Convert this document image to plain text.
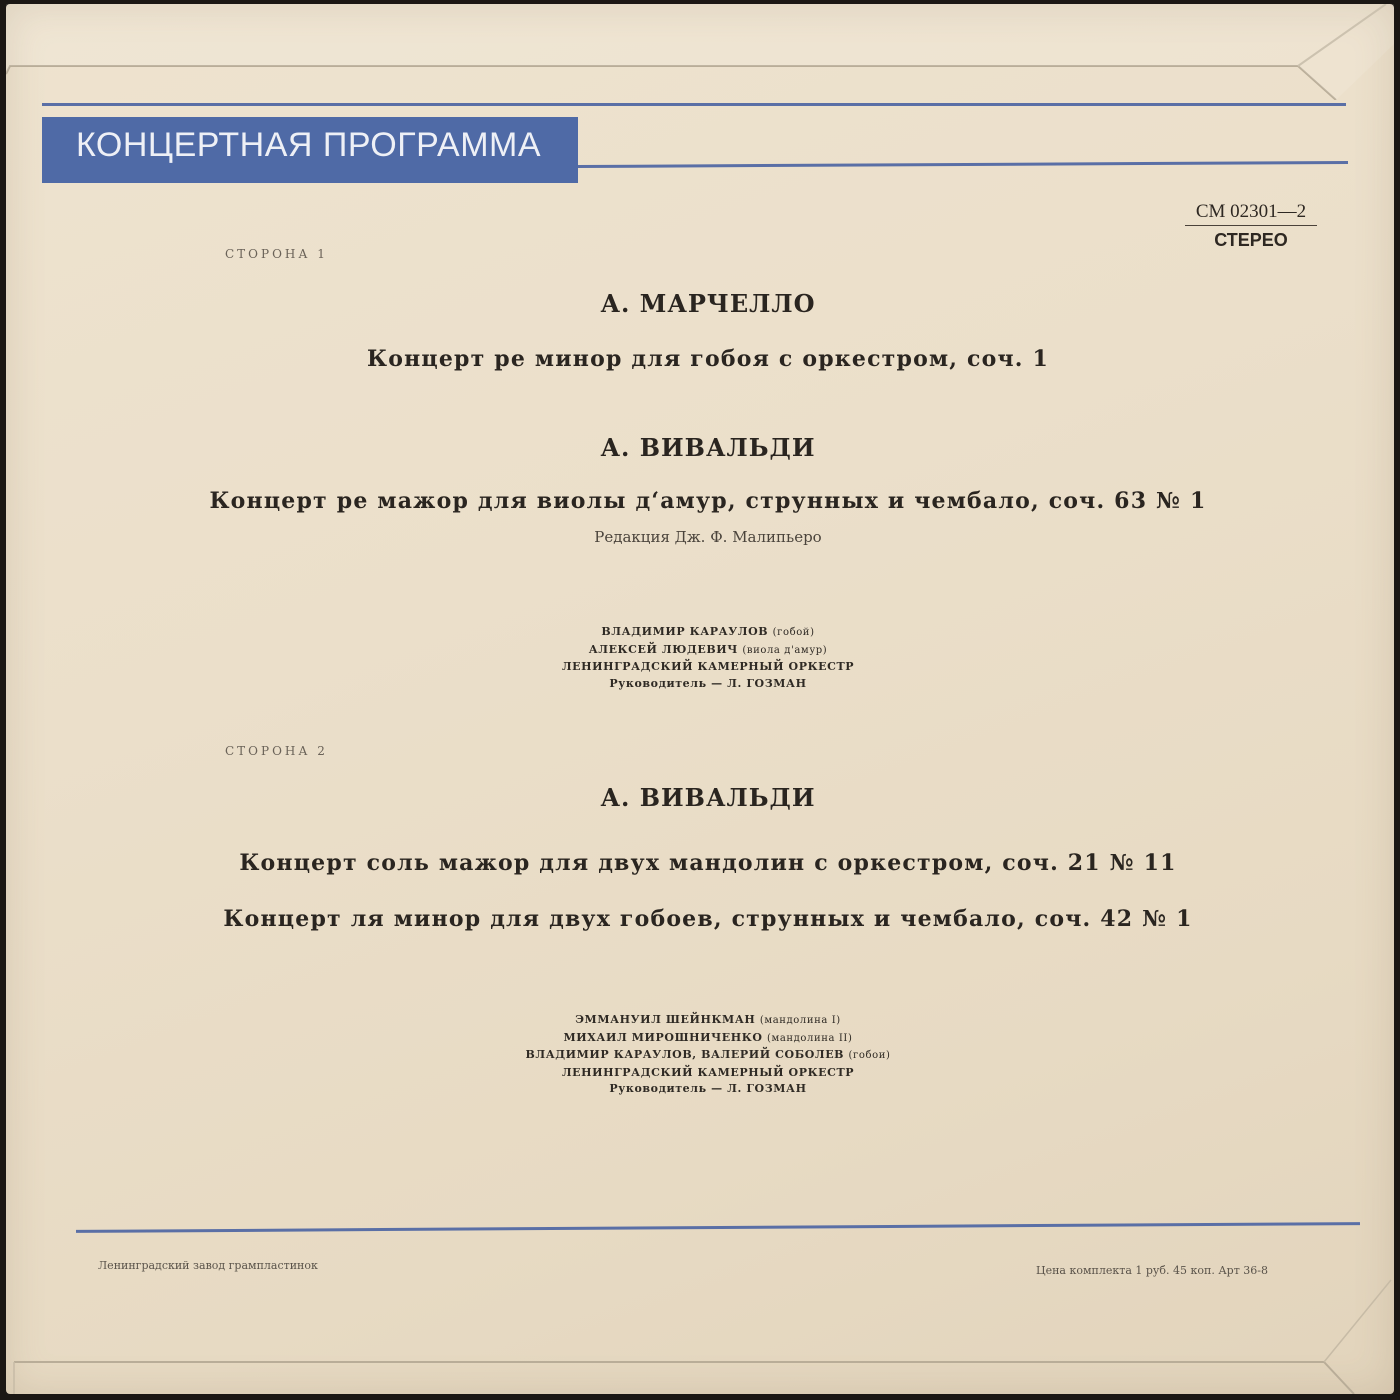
КОНЦЕРТНАЯ ПРОГРАММА
СМ 02301—2
СТЕРЕО
СТОРОНА 1
А. МАРЧЕЛЛО
Концерт ре минор для гобоя с оркестром, соч. 1
А. ВИВАЛЬДИ
Концерт ре мажор для виолы д‘амур, струнных и чембало, соч. 63 № 1
Редакция Дж. Ф. Малипьеро
ВЛАДИМИР КАРАУЛОВ (гобой)
АЛЕКСЕЙ ЛЮДЕВИЧ (виола д'амур)
ЛЕНИНГРАДСКИЙ КАМЕРНЫЙ ОРКЕСТР
Руководитель — Л. ГОЗМАН
СТОРОНА 2
А. ВИВАЛЬДИ
Концерт соль мажор для двух мандолин с оркестром, соч. 21 № 11
Концерт ля минор для двух гобоев, струнных и чембало, соч. 42 № 1
ЭММАНУИЛ ШЕЙНКМАН (мандолина I)
МИХАИЛ МИРОШНИЧЕНКО (мандолина II)
ВЛАДИМИР КАРАУЛОВ, ВАЛЕРИЙ СОБОЛЕВ (гобои)
ЛЕНИНГРАДСКИЙ КАМЕРНЫЙ ОРКЕСТР
Руководитель — Л. ГОЗМАН
Ленинградский завод грампластинок	Цена комплекта 1 руб. 45 коп. Арт 36-8
